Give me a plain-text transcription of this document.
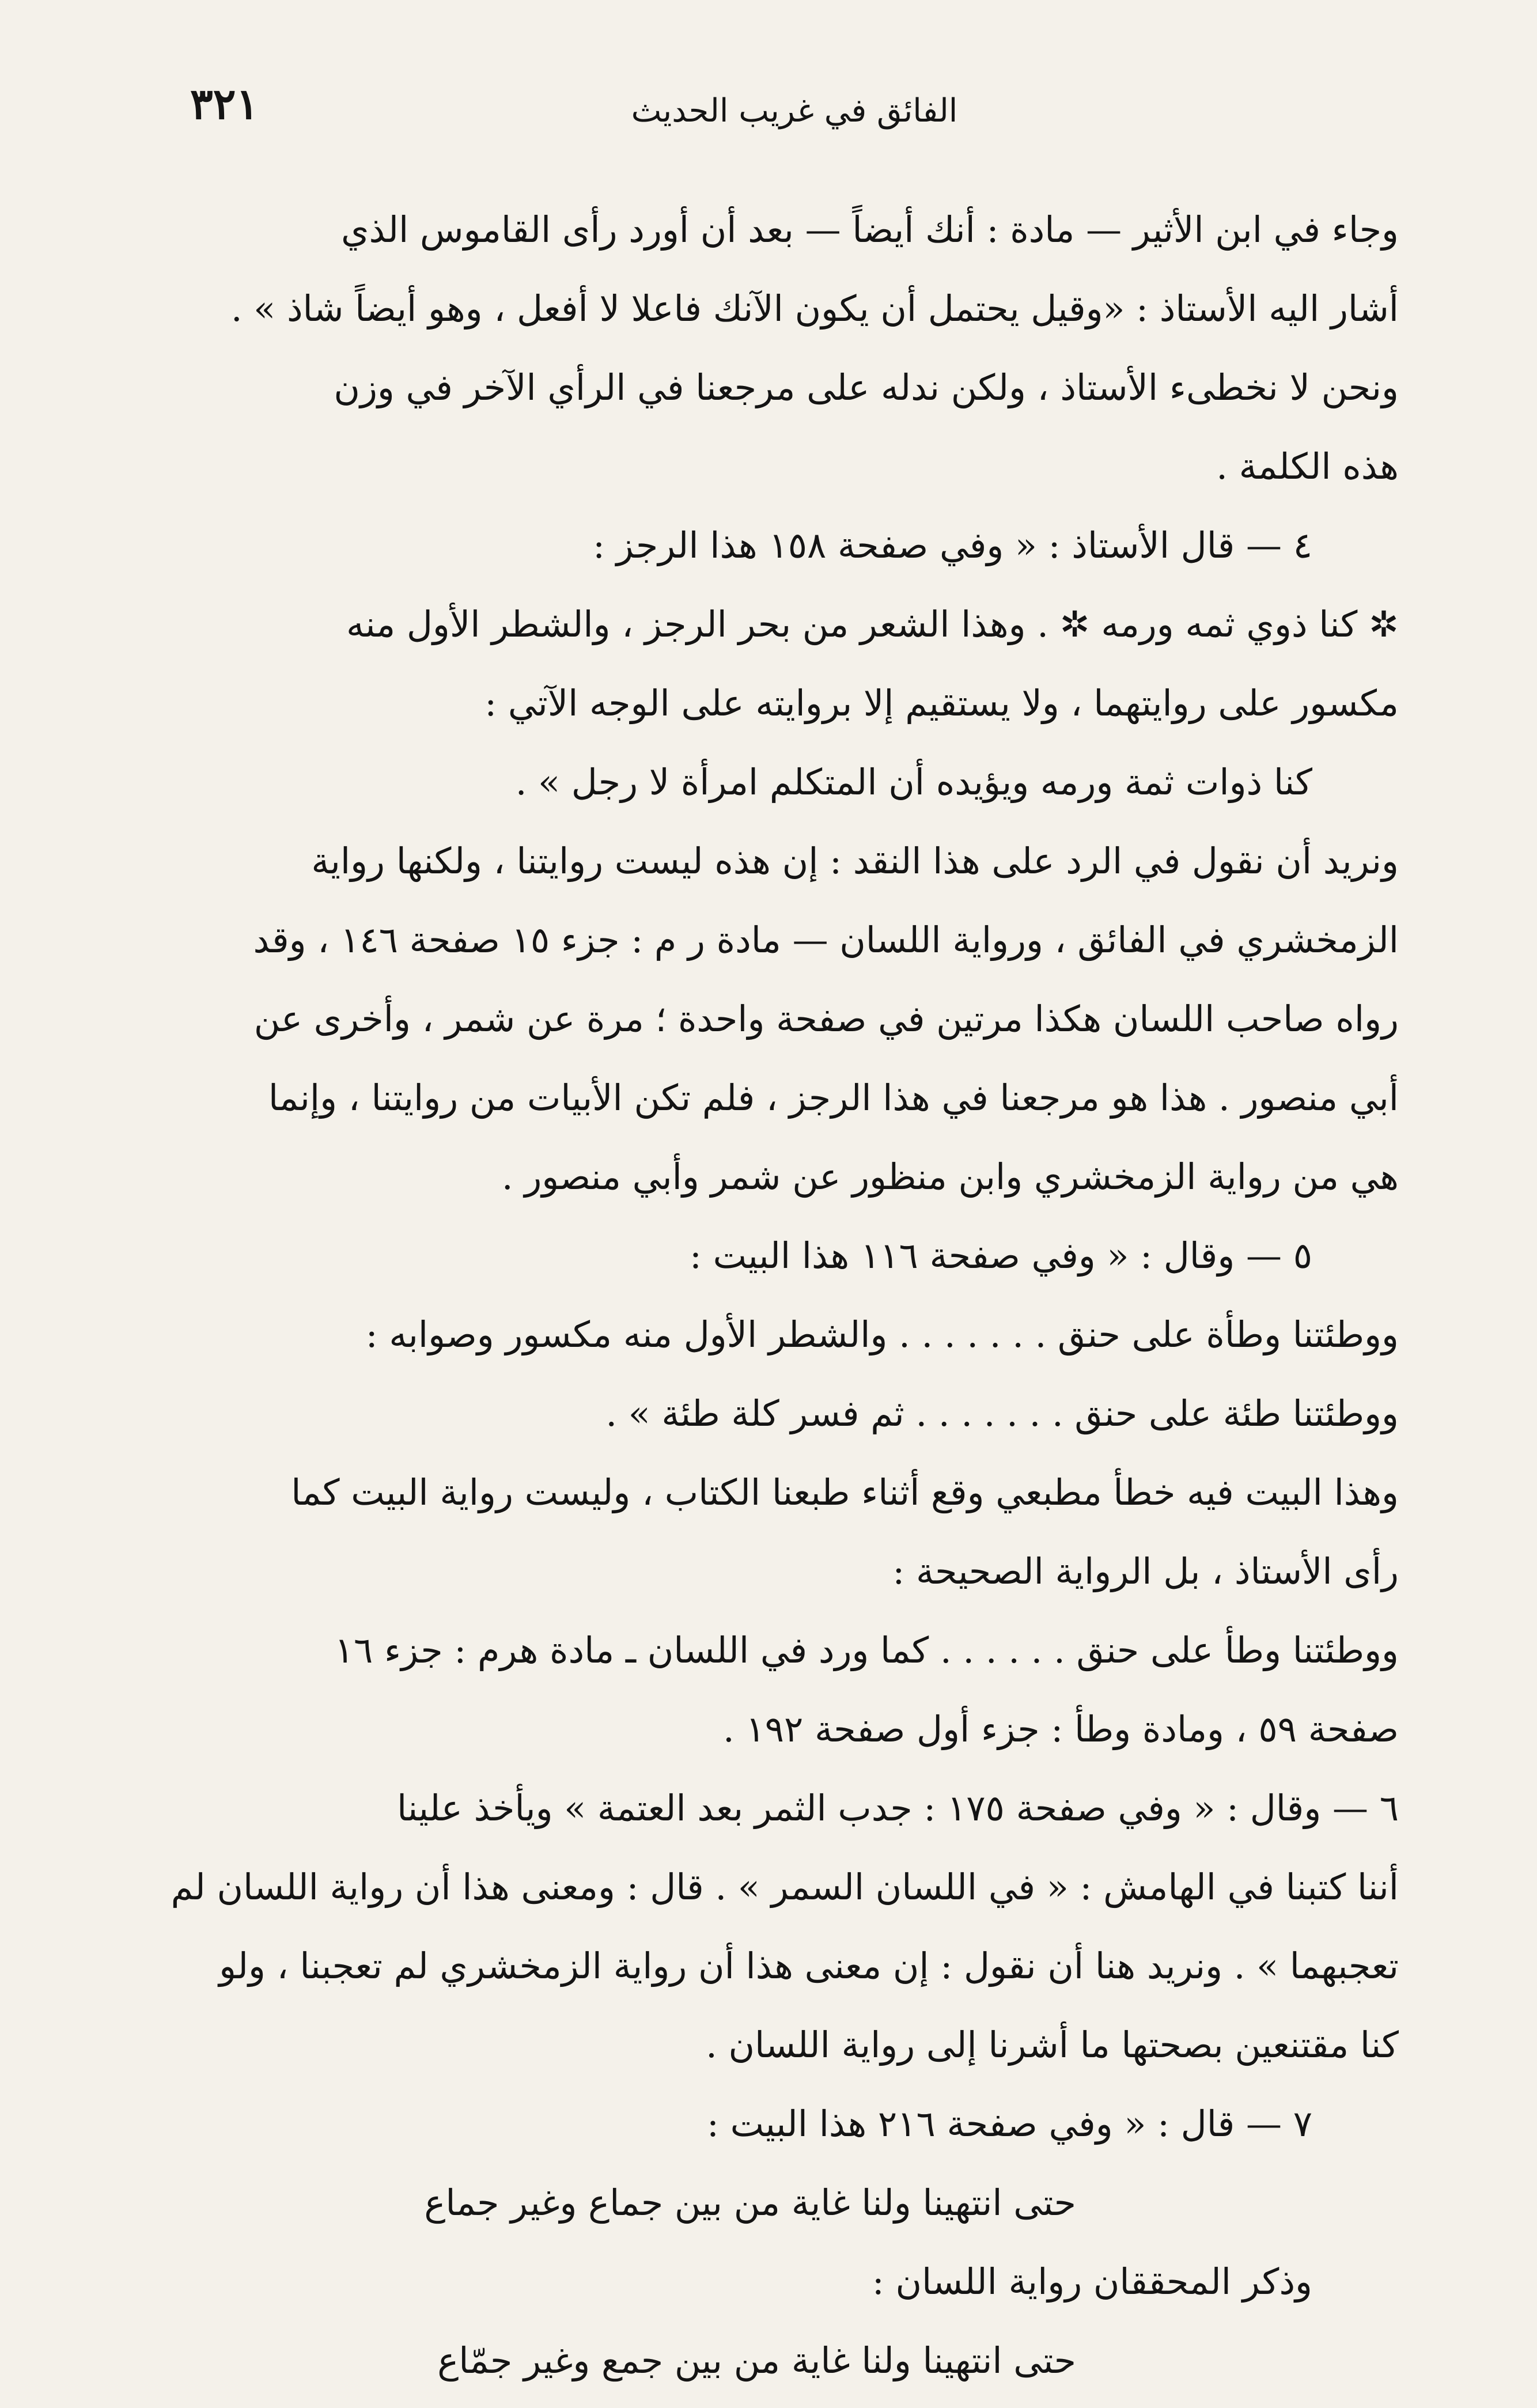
٣٢١	الفائق في غريب الحديث
وجاء في ابن الأثير — مادة : أنك أيضاً — بعد أن أورد رأى القاموس الذي
أشار اليه الأستاذ : «وقيل يحتمل أن يكون الآنك فاعلا لا أفعل ، وهو أيضاً شاذ » .
ونحن لا نخطىء الأستاذ ، ولكن ندله على مرجعنا في الرأي الآخر في وزن
هذه الكلمة .
٤ — قال الأستاذ : « وفي صفحة ١٥٨ هذا الرجز :
✲ كنا ذوي ثمه ورمه ✲ . وهذا الشعر من بحر الرجز ، والشطر الأول منه
مكسور على روايتهما ، ولا يستقيم إلا بروايته على الوجه الآتي :
كنا ذوات ثمة ورمه ويؤيده أن المتكلم امرأة لا رجل » .
ونريد أن نقول في الرد على هذا النقد : إن هذه ليست روايتنا ، ولكنها رواية
الزمخشري في الفائق ، ورواية اللسان — مادة ر م : جزء ١٥ صفحة ١٤٦ ، وقد
رواه صاحب اللسان هكذا مرتين في صفحة واحدة ؛ مرة عن شمر ، وأخرى عن
أبي منصور . هذا هو مرجعنا في هذا الرجز ، فلم تكن الأبيات من روايتنا ، وإنما
هي من رواية الزمخشري وابن منظور عن شمر وأبي منصور .
٥ — وقال : « وفي صفحة ١١٦ هذا البيت :
ووطئتنا وطأة على حنق . . . . . . . والشطر الأول منه مكسور وصوابه :
ووطئتنا طئة على حنق . . . . . . . ثم فسر كلة طئة » .
وهذا البيت فيه خطأ مطبعي وقع أثناء طبعنا الكتاب ، وليست رواية البيت كما
رأى الأستاذ ، بل الرواية الصحيحة :
ووطئتنا وطأ على حنق . . . . . . كما ورد في اللسان ـ مادة هرم : جزء ١٦
صفحة ٥٩ ، ومادة وطأ : جزء أول صفحة ١٩٢ .
٦ — وقال : « وفي صفحة ١٧٥ : جدب الثمر بعد العتمة » ويأخذ علينا
أننا كتبنا في الهامش : « في اللسان السمر » . قال : ومعنى هذا أن رواية اللسان لم
تعجبهما » . ونريد هنا أن نقول : إن معنى هذا أن رواية الزمخشري لم تعجبنا ، ولو
كنا مقتنعين بصحتها ما أشرنا إلى رواية اللسان .
٧ — قال : « وفي صفحة ٢١٦ هذا البيت :
حتى انتهينا ولنا غاية من بين جماع وغير جماع
وذكر المحققان رواية اللسان :
حتى انتهينا ولنا غاية من بين جمع وغير جمّاع
